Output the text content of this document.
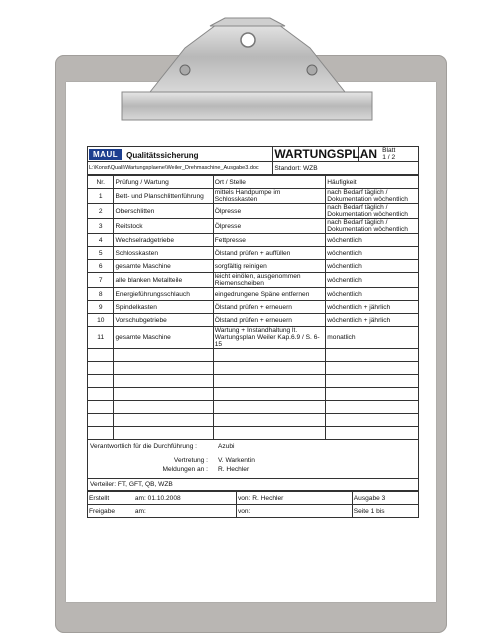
MAUL Qualitätssicherung	WARTUNGSPLAN	Blatt
1 / 2

L:\Konst\Quali\Wartungsplaene\Weiler_Drehmaschine_Ausgabe3.doc	Standort: WZB	
Nr.	Prüfung / Wartung	Ort / Stelle	Häufigkeit
1	Bett- und Planschlittenführung	mittels Handpumpe im Schlosskasten	nach Bedarf täglich / Dokumentation wöchentlich
2	Oberschlitten	Ölpresse	nach Bedarf täglich / Dokumentation wöchentlich
3	Reitstock	Ölpresse	nach Bedarf täglich / Dokumentation wöchentlich
4	Wechselradgetriebe	Fettpresse	wöchentlich
5	Schlosskasten	Ölstand prüfen + auffüllen	wöchentlich
6	gesamte Maschine	sorgfältig reinigen	wöchentlich
7	alle blanken Metallteile	leicht einölen, ausgenommen Riemenscheiben	wöchentlich
8	Energieführungsschlauch	eingedrungene Späne entfernen	wöchentlich
9	Spindelkasten	Ölstand prüfen + erneuern	wöchentlich + jährlich
10	Vorschubgetriebe	Ölstand prüfen + erneuern	wöchentlich + jährlich
11	gesamte Maschine	Wartung + Instandhaltung lt. Wartungsplan Weiler Kap.6.9 / S. 6-15	monatlich

Verantwortlich für die Durchführung :	Azubi
Vertretung : V. Warkentin
Meldungen an : R. Hechler
Verteiler: FT, GFT, QB, WZB
Erstellt	am: 01.10.2008	von: R. Hechler	Ausgabe 3
Freigabe	am:	von:	Seite 1 bis
